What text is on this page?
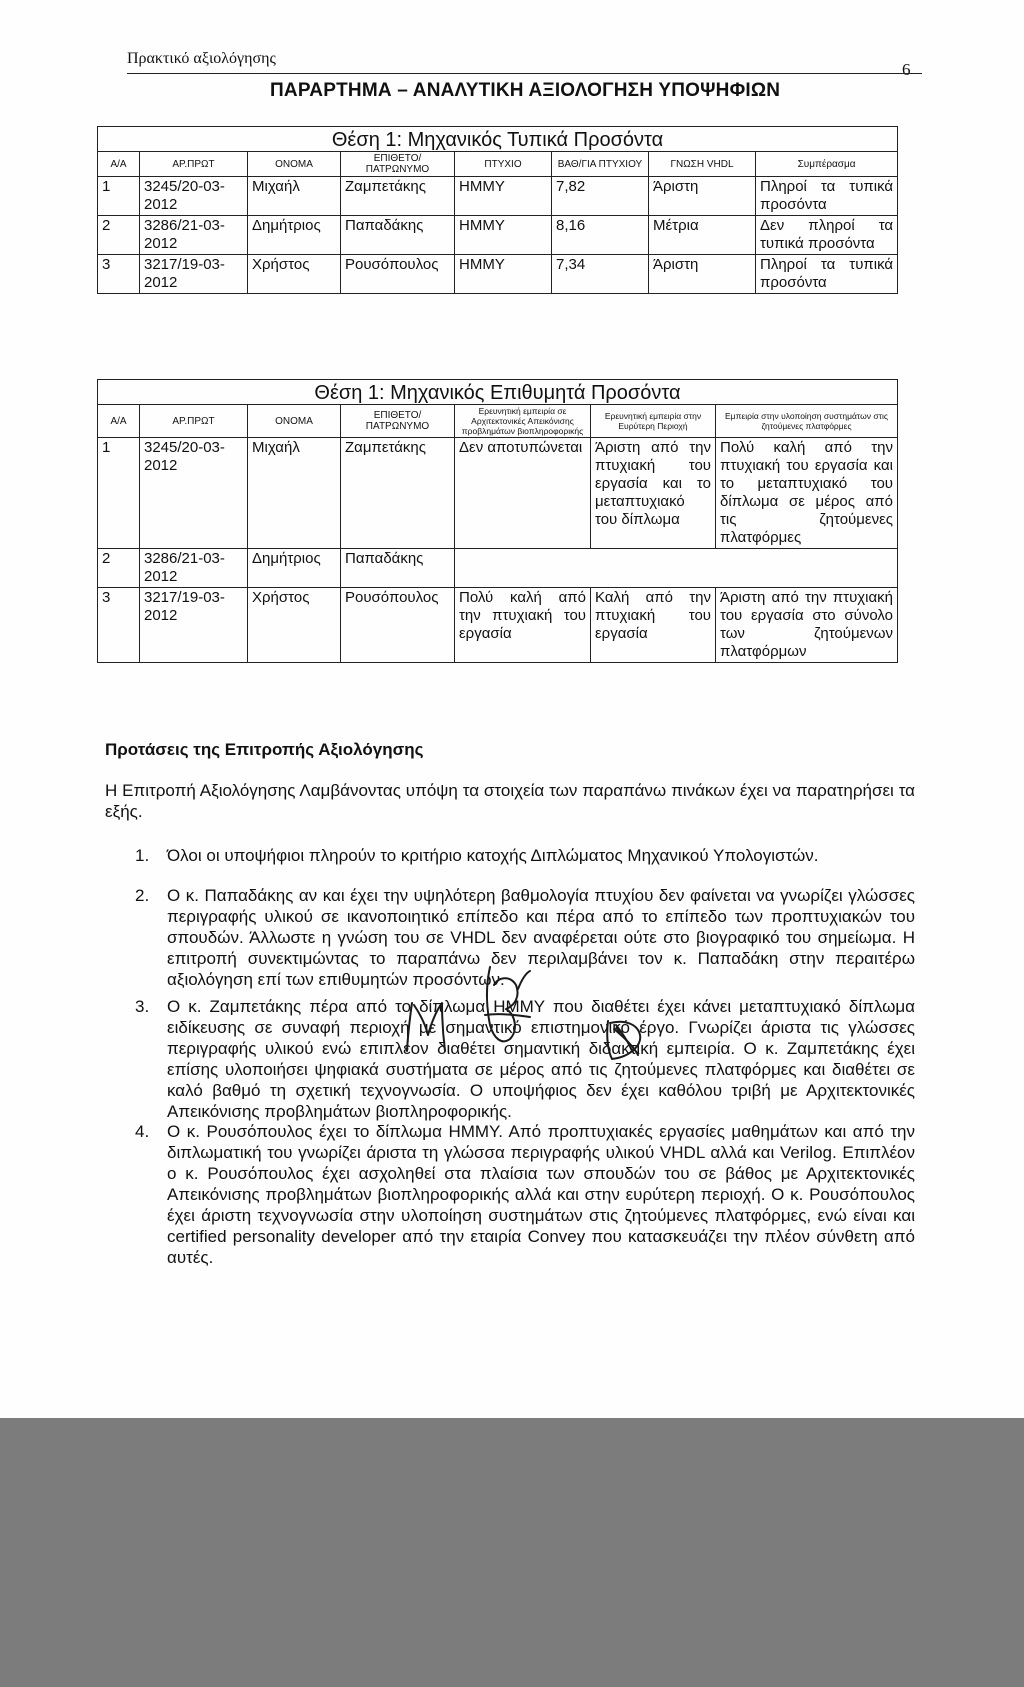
Πρακτικό αξιολόγησης
6
ΠΑΡΑΡΤΗΜΑ – ΑΝΑΛΥΤΙΚΗ ΑΞΙΟΛΟΓΗΣΗ ΥΠΟΨΗΦΙΩΝ
Θέση 1: Μηχανικός Τυπικά Προσόντα							
Α/Α	ΑΡ.ΠΡΩΤ	ΟΝΟΜΑ	ΕΠΙΘΕΤΟ/ ΠΑΤΡΩΝΥΜΟ	ΠΤΥΧΙΟ	ΒΑΘ/ΓΙΑ ΠΤΥΧΙΟΥ	ΓΝΩΣΗ VHDL	Συμπέρασμα
1	3245/20-03-2012	Μιχαήλ	Ζαμπετάκης	ΗΜΜΥ	7,82	Άριστη	Πληροί τα τυπικά προσόντα
2	3286/21-03-2012	Δημήτριος	Παπαδάκης	ΗΜΜΥ	8,16	Μέτρια	Δεν πληροί τα τυπικά προσόντα
3	3217/19-03-2012	Χρήστος	Ρουσόπουλος	ΗΜΜΥ	7,34	Άριστη	Πληροί τα τυπικά προσόντα
Θέση 1: Μηχανικός Επιθυμητά Προσόντα						
Α/Α	ΑΡ.ΠΡΩΤ	ΟΝΟΜΑ	ΕΠΙΘΕΤΟ/ ΠΑΤΡΩΝΥΜΟ	Ερευνητική εμπειρία σε Αρχιτεκτονικές Απεικόνισης προβλημάτων βιοπληροφορικής	Ερευνητική εμπειρία στην Ευρύτερη Περιοχή	Εμπειρία στην υλοποίηση συστημάτων στις ζητούμενες πλατφόρμες
1	3245/20-03-2012	Μιχαήλ	Ζαμπετάκης	Δεν αποτυπώνεται	Άριστη από την πτυχιακή του εργασία και το μεταπτυχιακό του δίπλωμα	Πολύ καλή από την πτυχιακή του εργασία και το μεταπτυχιακό του δίπλωμα σε μέρος από τις ζητούμενες πλατφόρμες
2	3286/21-03-2012	Δημήτριος	Παπαδάκης			
3	3217/19-03-2012	Χρήστος	Ρουσόπουλος	Πολύ καλή από την πτυχιακή του εργασία	Καλή από την πτυχιακή του εργασία	Άριστη από την πτυχιακή του εργασία στο σύνολο των ζητούμενων πλατφόρμων
Προτάσεις της Επιτροπής Αξιολόγησης
Η Επιτροπή Αξιολόγησης Λαμβάνοντας υπόψη τα στοιχεία των παραπάνω πινάκων έχει να παρατηρήσει τα εξής.
1. Όλοι οι υποψήφιοι πληρούν το κριτήριο κατοχής Διπλώματος Μηχανικού Υπολογιστών.
2. Ο κ. Παπαδάκης αν και έχει την υψηλότερη βαθμολογία πτυχίου δεν φαίνεται να γνωρίζει γλώσσες περιγραφής υλικού σε ικανοποιητικό επίπεδο και πέρα από το επίπεδο των προπτυχιακών του σπουδών. Άλλωστε η γνώση του σε VHDL δεν αναφέρεται ούτε στο βιογραφικό του σημείωμα. Η επιτροπή συνεκτιμώντας το παραπάνω δεν περιλαμβάνει τον κ. Παπαδάκη στην περαιτέρω αξιολόγηση επί των επιθυμητών προσόντων.
3. Ο κ. Ζαμπετάκης πέρα από το δίπλωμα ΗΜΜΥ που διαθέτει έχει κάνει μεταπτυχιακό δίπλωμα ειδίκευσης σε συναφή περιοχή με σημαντικό επιστημονικό έργο. Γνωρίζει άριστα τις γλώσσες περιγραφής υλικού ενώ επιπλέον διαθέτει σημαντική διδακτική εμπειρία. Ο κ. Ζαμπετάκης έχει επίσης υλοποιήσει ψηφιακά συστήματα σε μέρος από τις ζητούμενες πλατφόρμες και διαθέτει σε καλό βαθμό τη σχετική τεχνογνωσία. Ο υποψήφιος δεν έχει καθόλου τριβή με Αρχιτεκτονικές Απεικόνισης προβλημάτων βιοπληροφορικής.
4. Ο κ. Ρουσόπουλος έχει το δίπλωμα ΗΜΜΥ. Από προπτυχιακές εργασίες μαθημάτων και από την διπλωματική του γνωρίζει άριστα τη γλώσσα περιγραφής υλικού VHDL αλλά και Verilog. Επιπλέον ο κ. Ρουσόπουλος έχει ασχοληθεί στα πλαίσια των σπουδών του σε βάθος με Αρχιτεκτονικές Απεικόνισης προβλημάτων βιοπληροφορικής αλλά και στην ευρύτερη περιοχή. Ο κ. Ρουσόπουλος έχει άριστη τεχνογνωσία στην υλοποίηση συστημάτων στις ζητούμενες πλατφόρμες, ενώ είναι και certified personality developer από την εταιρία Convey που κατασκευάζει την πλέον σύνθετη από αυτές.
